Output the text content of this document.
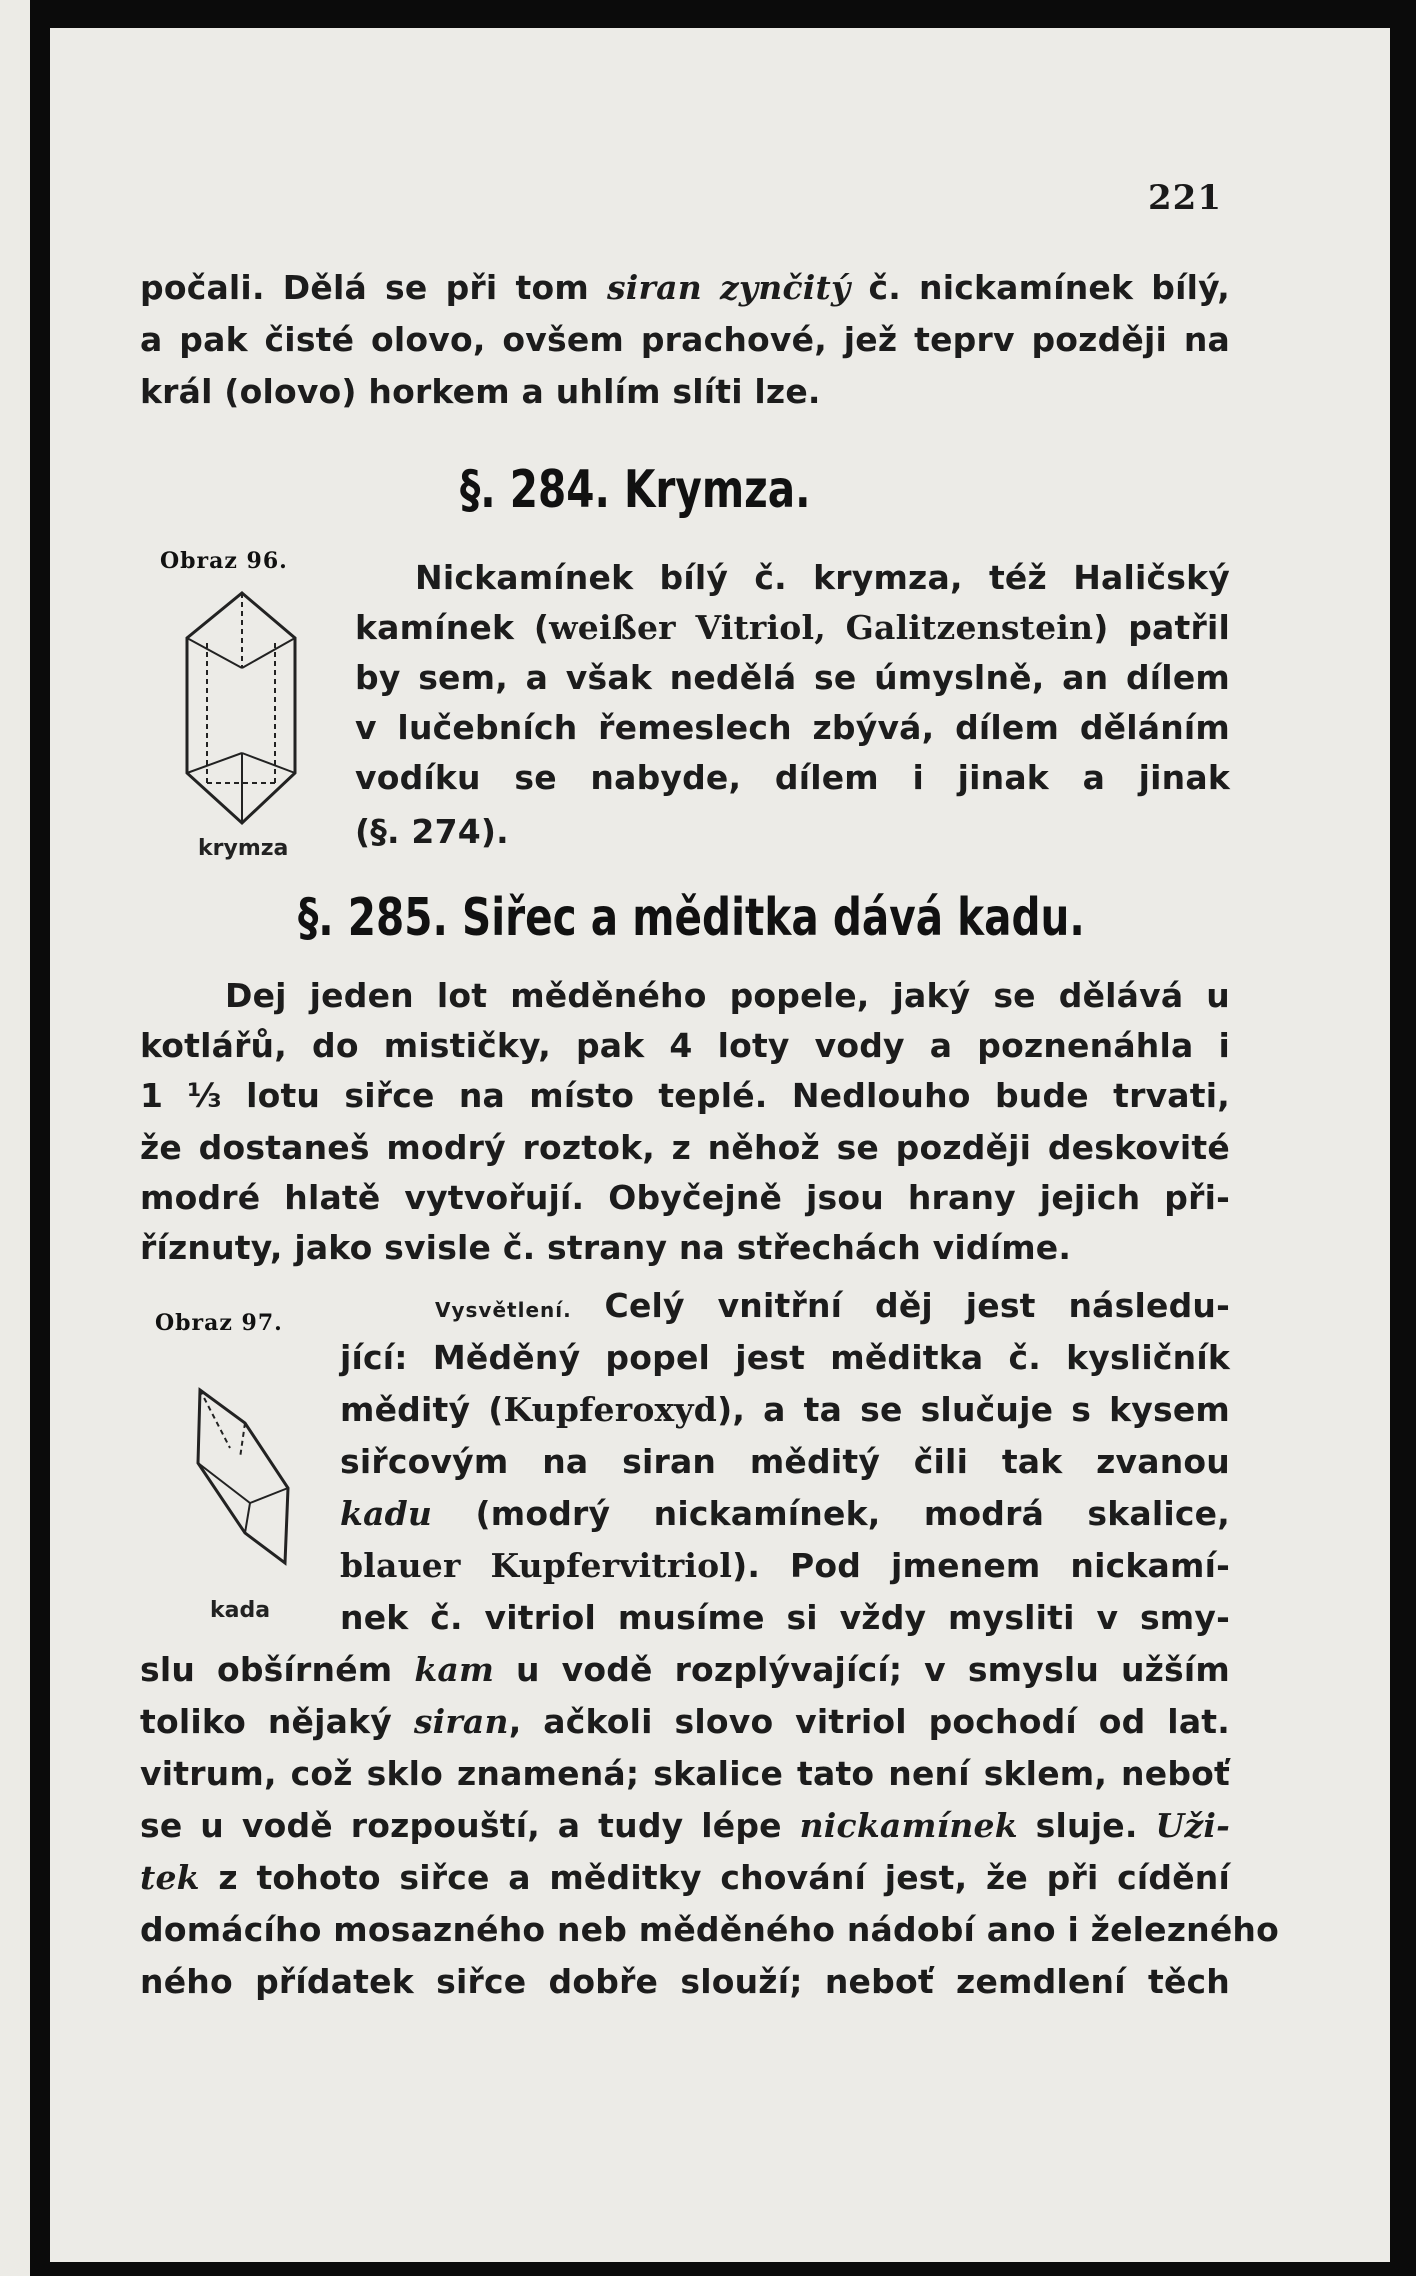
221
počali. Dělá se při tom siran zynčitý č. nickamínek bílý,
a pak čisté olovo, ovšem prachové, jež teprv později na
král (olovo) horkem a uhlím slíti lze.
§. 284. Krymza.
Obraz 96.
krymza
Nickamínek bílý č. krymza, též Haličský
kamínek (weißer Vitriol, Galitzenstein) patřil
by sem, a však nedělá se úmyslně, an dílem
v lučebních řemeslech zbývá, dílem dě́láním
vodíku se nabyde, dílem i jinak a jinak
(§. 274).
§. 285. Siřec a měditka dává kadu.
Dej jeden lot měděného popele, jaký se dělává u
kotlářů, do mističky, pak 4 loty vody a poznenáhla i
1 ⅓ lotu siřce na místo teplé. Nedlouho bude trvati,
že dostaneš modrý roztok, z něhož se později deskovité
modré hlatě vytvořují. Obyčejně jsou hrany jejich při-
říznuty, jako svisle č. strany na střechách vidíme.
Obraz 97.
kada
Vysvětlení. Celý vnitřní děj jest následu-
jící: Měděný popel jest měditka č. kysličník
měditý (Kupferoxyd), a ta se slučuje s kysem
siřcovým na siran měditý čili tak zvanou
kadu (modrý nickamínek, modrá skalice,
blauer Kupfervitriol). Pod jmenem nickamí-
nek č. vitriol musíme si vždy mysliti v smy-
slu obšírném kam u vodě rozplývající; v smyslu užším
toliko nějaký siran, ačkoli slovo vitriol pochodí od lat.
vitrum, což sklo znamená; skalice tato není sklem, neboť
se u vodě rozpouští, a tudy lépe nickamínek sluje. Uži-
tek z tohoto siřce a měditky chování jest, že při cídění
domácího mosazného neb měděného nádobí ano i železného
ného přídatek siřce dobře slouží; neboť zemdlení těch
